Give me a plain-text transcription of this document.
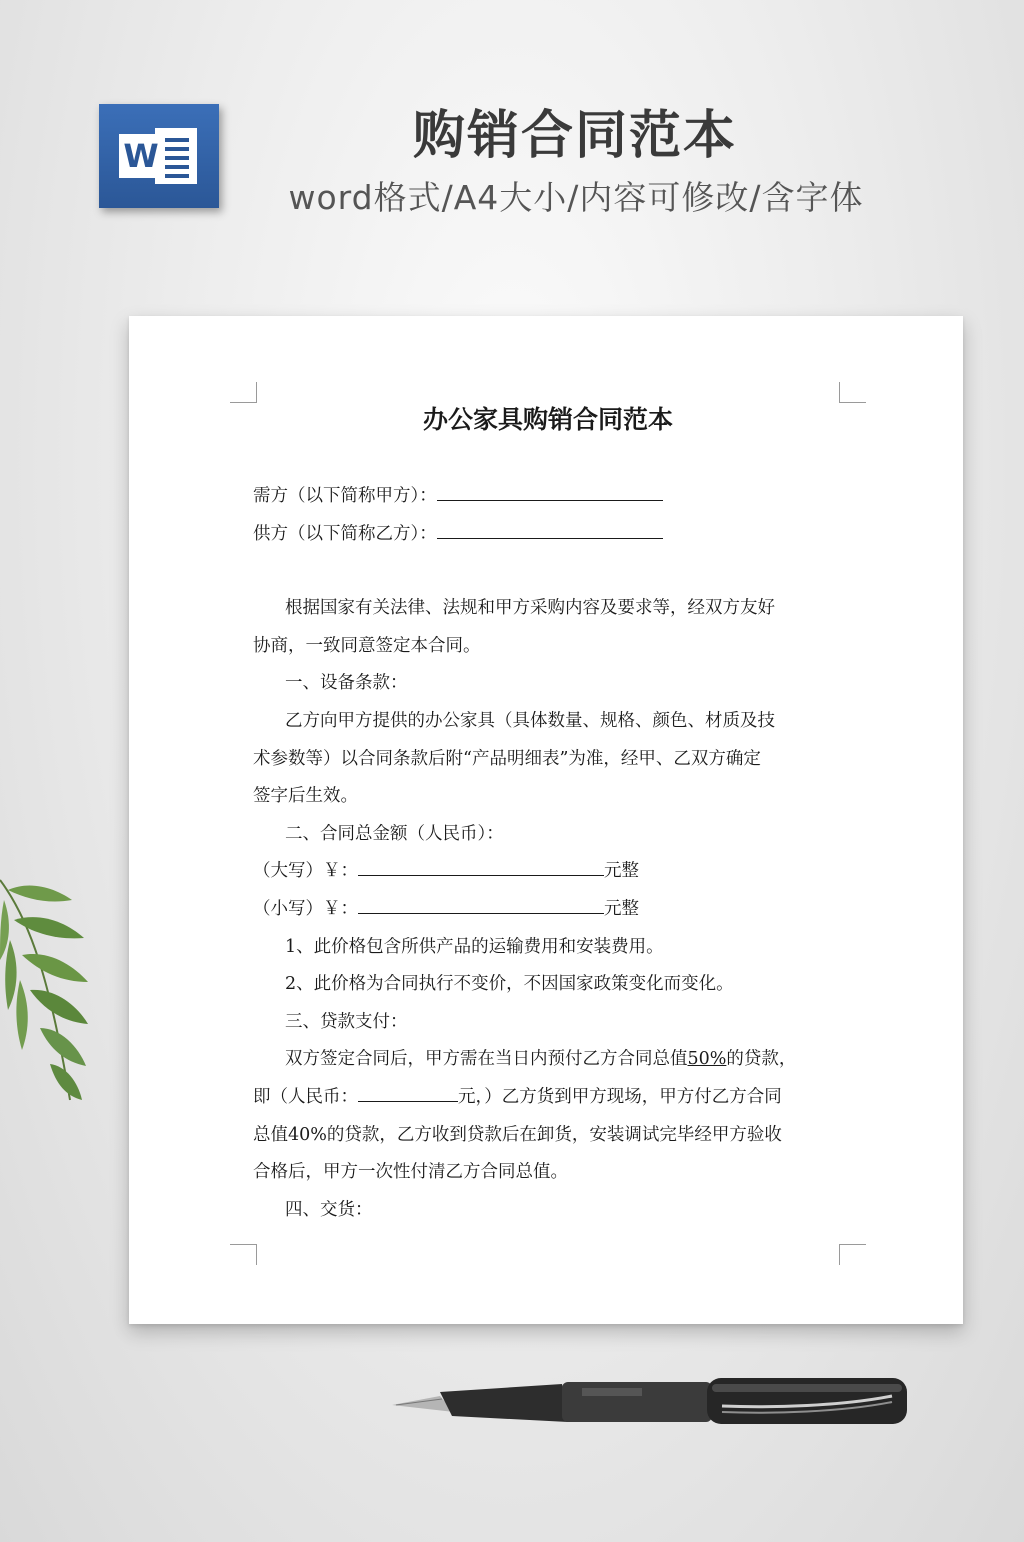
W	购销合同范本
word格式/A4大小/内容可修改/含字体
办公家具购销合同范本
需方（以下简称甲方）：
供方（以下简称乙方）：
根据国家有关法律、法规和甲方采购内容及要求等，经双方友好
协商，一致同意签定本合同。
一、设备条款：
乙方向甲方提供的办公家具（具体数量、规格、颜色、材质及技
术参数等）以合同条款后附“产品明细表”为准，经甲、乙双方确定
签字后生效。
二、合同总金额（人民币）：
（大写）￥：	元整
（小写）￥：	元整
1、此价格包含所供产品的运输费用和安装费用。
2、此价格为合同执行不变价，不因国家政策变化而变化。
三、贷款支付：
双方签定合同后，甲方需在当日内预付乙方合同总值50%的贷款，
即（人民币：	元，）乙方货到甲方现场，甲方付乙方合同
总值40%的贷款，乙方收到贷款后在卸货，安装调试完毕经甲方验收
合格后，甲方一次性付清乙方合同总值。
四、交货：
